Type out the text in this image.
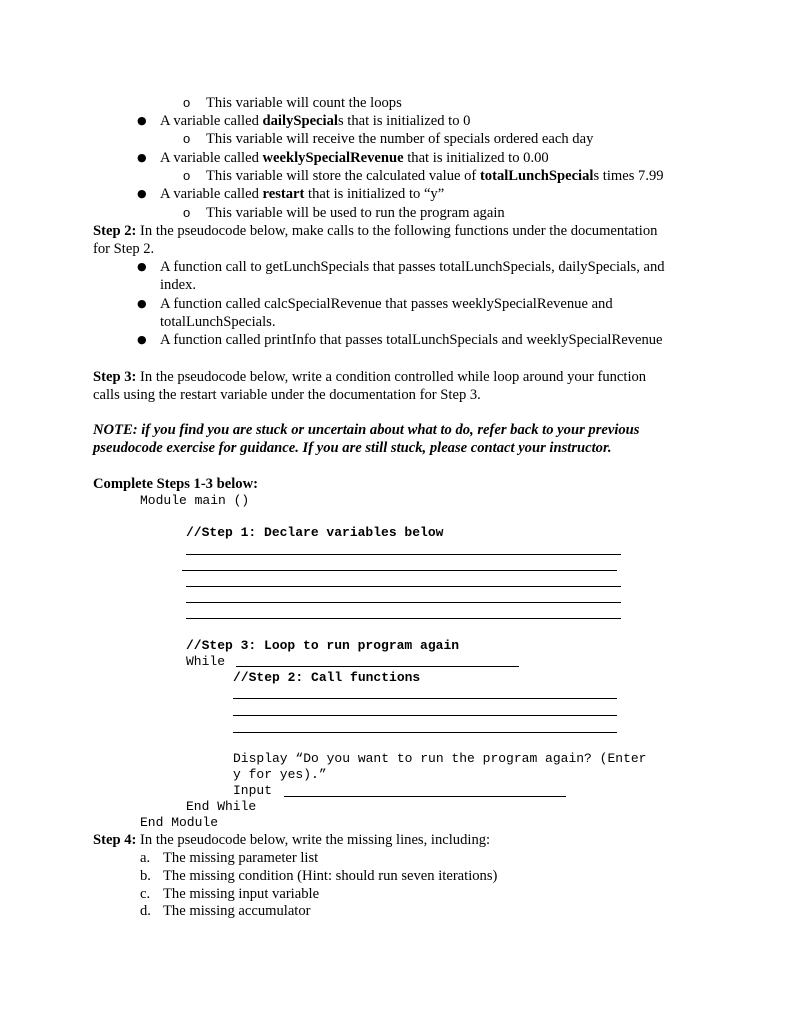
o This variable will count the loops
● A variable called dailySpecials that is initialized to 0
o This variable will receive the number of specials ordered each day
● A variable called weeklySpecialRevenue that is initialized to 0.00
o This variable will store the calculated value of totalLunchSpecials times 7.99
● A variable called restart that is initialized to “y”
o This variable will be used to run the program again
Step 2: In the pseudocode below, make calls to the following functions under the documentation
for Step 2.
● A function call to getLunchSpecials that passes totalLunchSpecials, dailySpecials, and
index.
● A function called calcSpecialRevenue that passes weeklySpecialRevenue and
totalLunchSpecials.
● A function called printInfo that passes totalLunchSpecials and weeklySpecialRevenue
Step 3: In the pseudocode below, write a condition controlled while loop around your function
calls using the restart variable under the documentation for Step 3.
NOTE: if you find you are stuck or uncertain about what to do, refer back to your previous
pseudocode exercise for guidance. If you are still stuck, please contact your instructor.
Complete Steps 1-3 below:
Module main ()
//Step 1: Declare variables below
//Step 3: Loop to run program again
While
//Step 2: Call functions
Display “Do you want to run the program again? (Enter
y for yes).”
Input
End While
End Module
Step 4: In the pseudocode below, write the missing lines, including:
a. The missing parameter list
b. The missing condition (Hint: should run seven iterations)
c. The missing input variable
d. The missing accumulator
